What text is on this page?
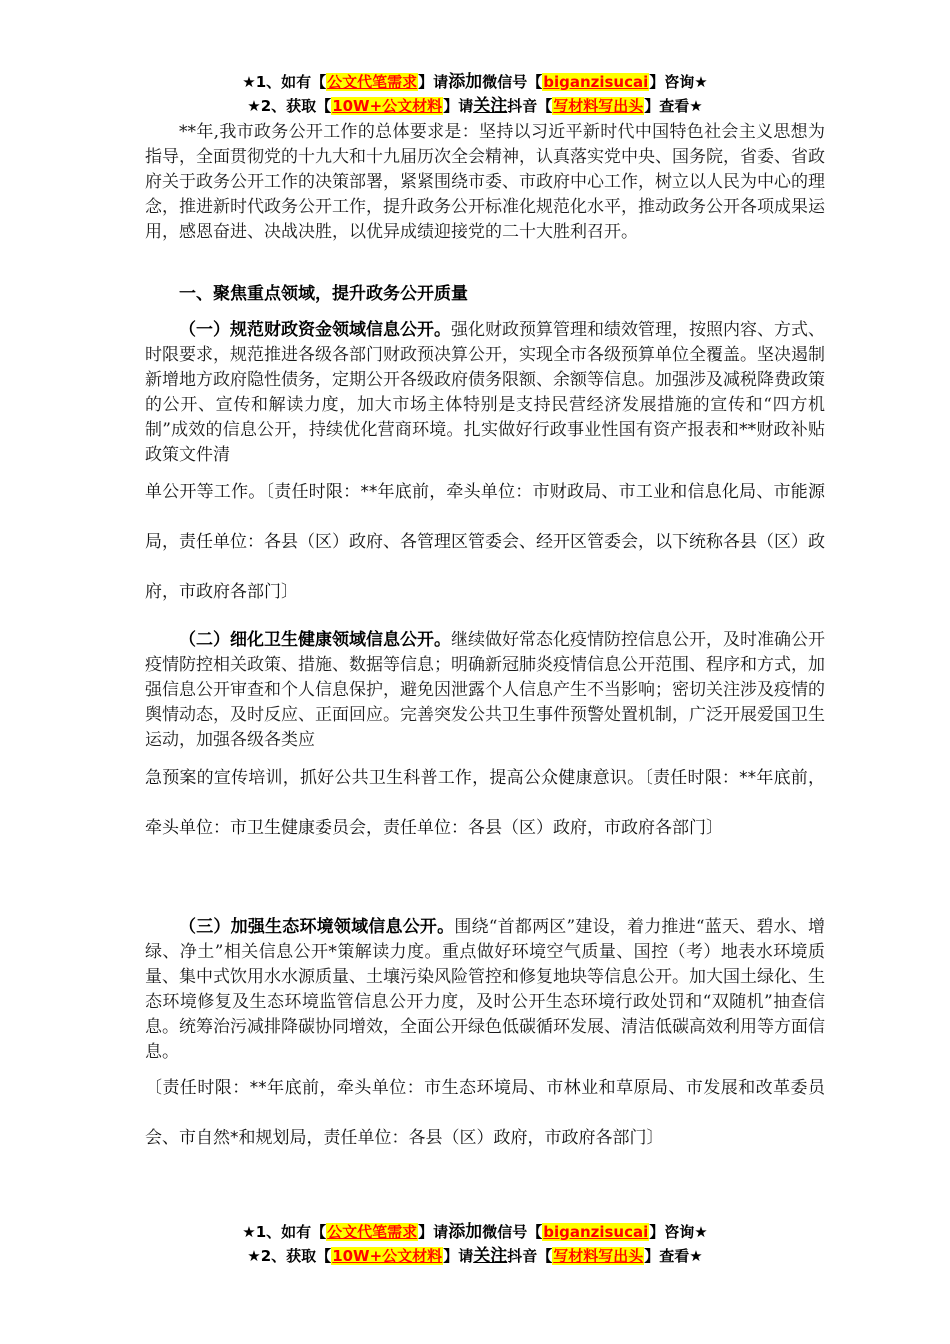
★1、如有【公文代笔需求】请添加微信号【biganzisucai】咨询★
★2、获取【10W+公文材料】请关注抖音【写材料写出头】查看★
**年,我市政务公开工作的总体要求是：坚持以习近平新时代中国特色社会主义思想为指导，全面贯彻党的十九大和十九届历次全会精神，认真落实党中央、国务院，省委、省政府关于政务公开工作的决策部署，紧紧围绕市委、市政府中心工作，树立以人民为中心的理念，推进新时代政务公开工作，提升政务公开标准化规范化水平，推动政务公开各项成果运用，感恩奋进、决战决胜，以优异成绩迎接党的二十大胜利召开。
一、聚焦重点领域，提升政务公开质量
（一）规范财政资金领域信息公开。强化财政预算管理和绩效管理，按照内容、方式、时限要求，规范推进各级各部门财政预决算公开，实现全市各级预算单位全覆盖。坚决遏制新增地方政府隐性债务，定期公开各级政府债务限额、余额等信息。加强涉及减税降费政策的公开、宣传和解读力度，加大市场主体特别是支持民营经济发展措施的宣传和“四方机制”成效的信息公开，持续优化营商环境。扎实做好行政事业性国有资产报表和**财政补贴政策文件清
单公开等工作。〔责任时限：**年底前，牵头单位：市财政局、市工业和信息化局、市能源局，责任单位：各县（区）政府、各管理区管委会、经开区管委会，以下统称各县（区）政府，市政府各部门〕
（二）细化卫生健康领域信息公开。继续做好常态化疫情防控信息公开，及时准确公开疫情防控相关政策、措施、数据等信息；明确新冠肺炎疫情信息公开范围、程序和方式，加强信息公开审查和个人信息保护，避免因泄露个人信息产生不当影响；密切关注涉及疫情的舆情动态，及时反应、正面回应。完善突发公共卫生事件预警处置机制，广泛开展爱国卫生运动，加强各级各类应
急预案的宣传培训，抓好公共卫生科普工作，提高公众健康意识。〔责任时限：**年底前，牵头单位：市卫生健康委员会，责任单位：各县（区）政府，市政府各部门〕
（三）加强生态环境领域信息公开。围绕“首都两区”建设，着力推进“蓝天、碧水、增绿、净土”相关信息公开*策解读力度。重点做好环境空气质量、国控（考）地表水环境质量、集中式饮用水水源质量、土壤污染风险管控和修复地块等信息公开。加大国土绿化、生态环境修复及生态环境监管信息公开力度，及时公开生态环境行政处罚和“双随机”抽查信息。统筹治污减排降碳协同增效，全面公开绿色低碳循环发展、清洁低碳高效利用等方面信息。
〔责任时限：**年底前，牵头单位：市生态环境局、市林业和草原局、市发展和改革委员会、市自然*和规划局，责任单位：各县（区）政府，市政府各部门〕
★1、如有【公文代笔需求】请添加微信号【biganzisucai】咨询★
★2、获取【10W+公文材料】请关注抖音【写材料写出头】查看★
